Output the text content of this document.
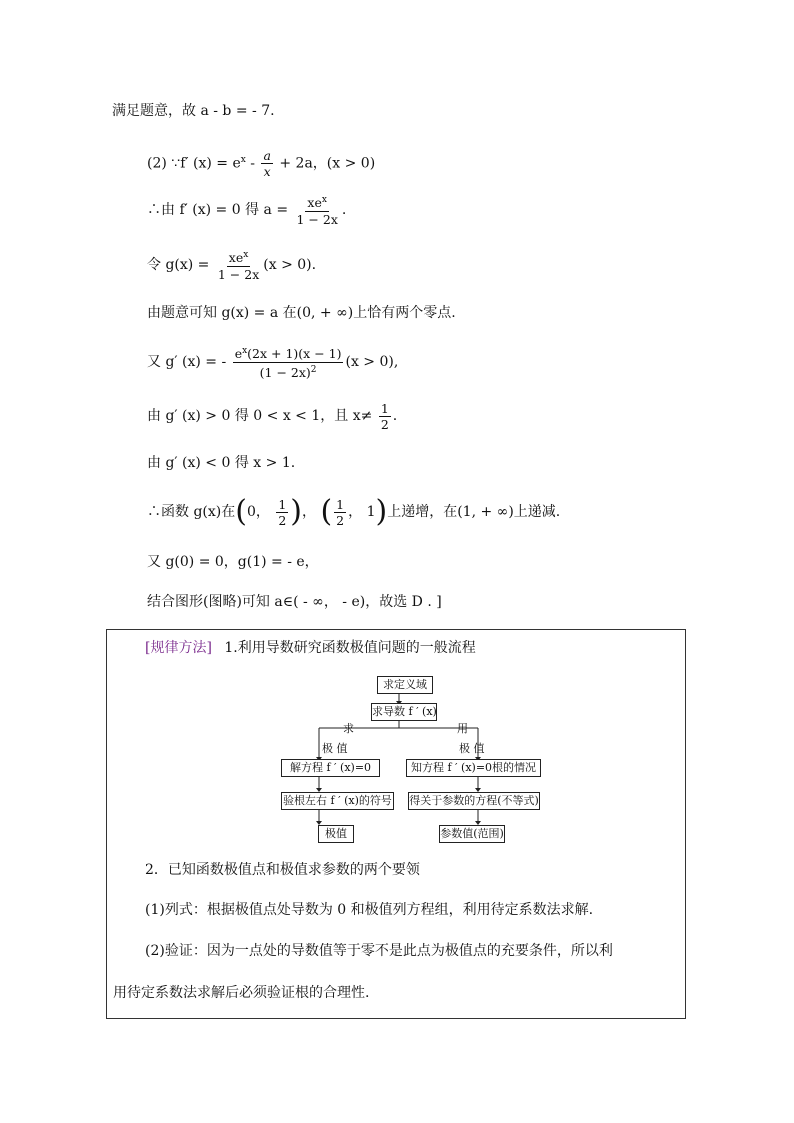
满足题意，故 a - b = - 7.
(2) ∵f′ $(x) = e^x - \frac{a}{x} + 2a$，(x > 0)
∴由 f′ (x) = 0 得 $a = \frac{xe^x}{1 - 2x}$ .
令 $g(x) = \frac{xe^x}{1 - 2x} (x > 0)$.
由题意可知 g(x) = a 在(0, + ∞)上恰有两个零点.
又 g′ (x) = - $\frac{e^x(2x + 1)(x - 1)}{(1 - 2x)^2} (x > 0)$,
由 g′ (x) > 0 得 0 < x < 1，且 $x\ne \frac{1}{2}$ .
由 g′ (x) < 0 得 x > 1.
∴函数 g(x)在(0， $\frac{1}{2}$ )， ( $\frac{1}{2}$ ， 1)上递增，在(1, + ∞)上递减.
又 g(0) = 0，g(1) = - e，
结合图形(图略)可知 a∈( - ∞， - e)，故选 D . ]
[规律方法] 1.利用导数研究函数极值问题的一般流程
求定义域
求导数 f ′ (x)
求	用
极 值	极 值
解方程 f ′ (x)=0
验根左右 f ′ (x)的符号
极值
知方程 f ′ (x)=0根的情况
得关于参数的方程(不等式)
参数值(范围)
2．已知函数极值点和极值求参数的两个要领
(1)列式：根据极值点处导数为 0 和极值列方程组，利用待定系数法求解.
(2)验证：因为一点处的导数值等于零不是此点为极值点的充要条件，所以利
用待定系数法求解后必须验证根的合理性.
